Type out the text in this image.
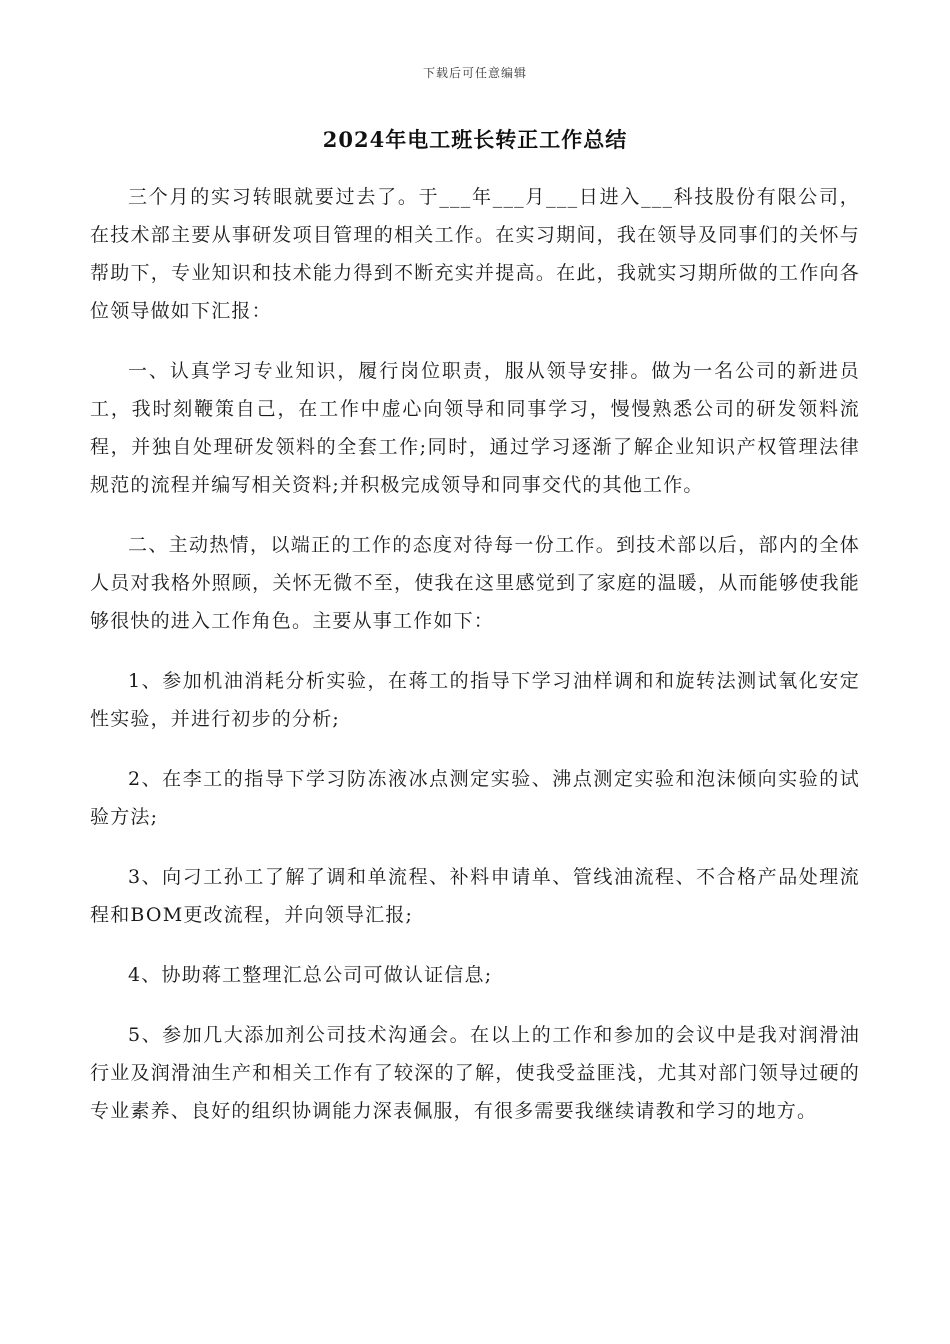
下载后可任意编辑
2024年电工班长转正工作总结

三个月的实习转眼就要过去了。于___年___月___日进入___科技股份有限公司，在技术部主要从事研发项目管理的相关工作。在实习期间，我在领导及同事们的关怀与帮助下，专业知识和技术能力得到不断充实并提高。在此，我就实习期所做的工作向各位领导做如下汇报：

一、认真学习专业知识，履行岗位职责，服从领导安排。做为一名公司的新进员工，我时刻鞭策自己，在工作中虚心向领导和同事学习，慢慢熟悉公司的研发领料流程，并独自处理研发领料的全套工作;同时，通过学习逐渐了解企业知识产权管理法律规范的流程并编写相关资料;并积极完成领导和同事交代的其他工作。

二、主动热情，以端正的工作的态度对待每一份工作。到技术部以后，部内的全体人员对我格外照顾，关怀无微不至，使我在这里感觉到了家庭的温暖，从而能够使我能够很快的进入工作角色。主要从事工作如下：

1、参加机油消耗分析实验，在蒋工的指导下学习油样调和和旋转法测试氧化安定性实验，并进行初步的分析;

2、在李工的指导下学习防冻液冰点测定实验、沸点测定实验和泡沫倾向实验的试验方法;

3、向刁工孙工了解了调和单流程、补料申请单、管线油流程、不合格产品处理流程和BOM更改流程，并向领导汇报;

4、协助蒋工整理汇总公司可做认证信息;

5、参加几大添加剂公司技术沟通会。在以上的工作和参加的会议中是我对润滑油行业及润滑油生产和相关工作有了较深的了解，使我受益匪浅，尤其对部门领导过硬的专业素养、良好的组织协调能力深表佩服，有很多需要我继续请教和学习的地方。
